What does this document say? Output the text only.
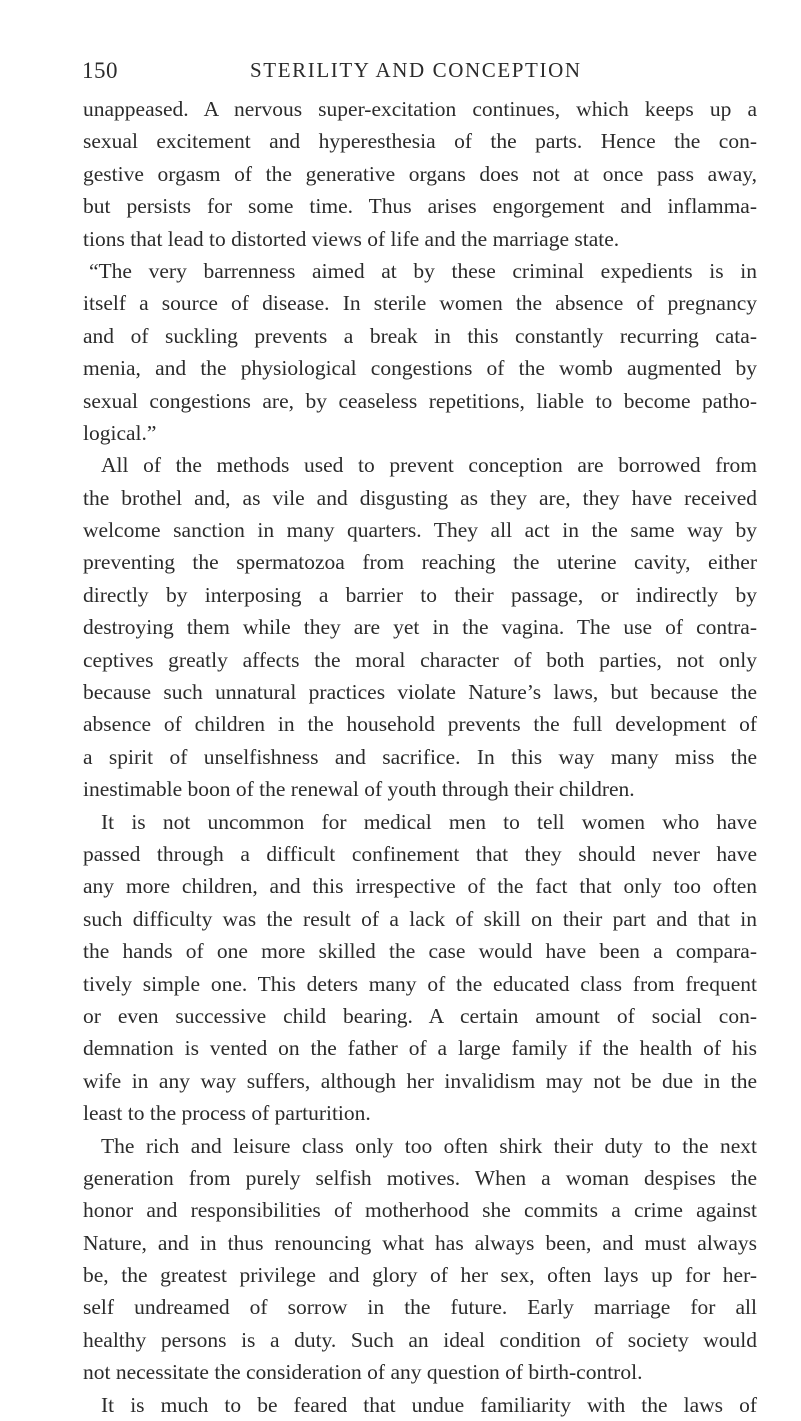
150	STERILITY AND CONCEPTION
unappeased. A nervous super-excitation continues, which keeps up a
sexual excitement and hyperesthesia of the parts. Hence the con-
gestive orgasm of the generative organs does not at once pass away,
but persists for some time. Thus arises engorgement and inflamma-
tions that lead to distorted views of life and the marriage state.
“The very barrenness aimed at by these criminal expedients is in
itself a source of disease. In sterile women the absence of pregnancy
and of suckling prevents a break in this constantly recurring cata-
menia, and the physiological congestions of the womb augmented by
sexual congestions are, by ceaseless repetitions, liable to become patho-
logical.”
All of the methods used to prevent conception are borrowed from
the brothel and, as vile and disgusting as they are, they have received
welcome sanction in many quarters. They all act in the same way by
preventing the spermatozoa from reaching the uterine cavity, either
directly by interposing a barrier to their passage, or indirectly by
destroying them while they are yet in the vagina. The use of contra-
ceptives greatly affects the moral character of both parties, not only
because such unnatural practices violate Nature’s laws, but because the
absence of children in the household prevents the full development of
a spirit of unselfishness and sacrifice. In this way many miss the
inestimable boon of the renewal of youth through their children.
It is not uncommon for medical men to tell women who have
passed through a difficult confinement that they should never have
any more children, and this irrespective of the fact that only too often
such difficulty was the result of a lack of skill on their part and that in
the hands of one more skilled the case would have been a compara-
tively simple one. This deters many of the educated class from frequent
or even successive child bearing. A certain amount of social con-
demnation is vented on the father of a large family if the health of his
wife in any way suffers, although her invalidism may not be due in the
least to the process of parturition.
The rich and leisure class only too often shirk their duty to the next
generation from purely selfish motives. When a woman despises the
honor and responsibilities of motherhood she commits a crime against
Nature, and in thus renouncing what has always been, and must always
be, the greatest privilege and glory of her sex, often lays up for her-
self undreamed of sorrow in the future. Early marriage for all
healthy persons is a duty. Such an ideal condition of society would
not necessitate the consideration of any question of birth-control.
It is much to be feared that undue familiarity with the laws of
